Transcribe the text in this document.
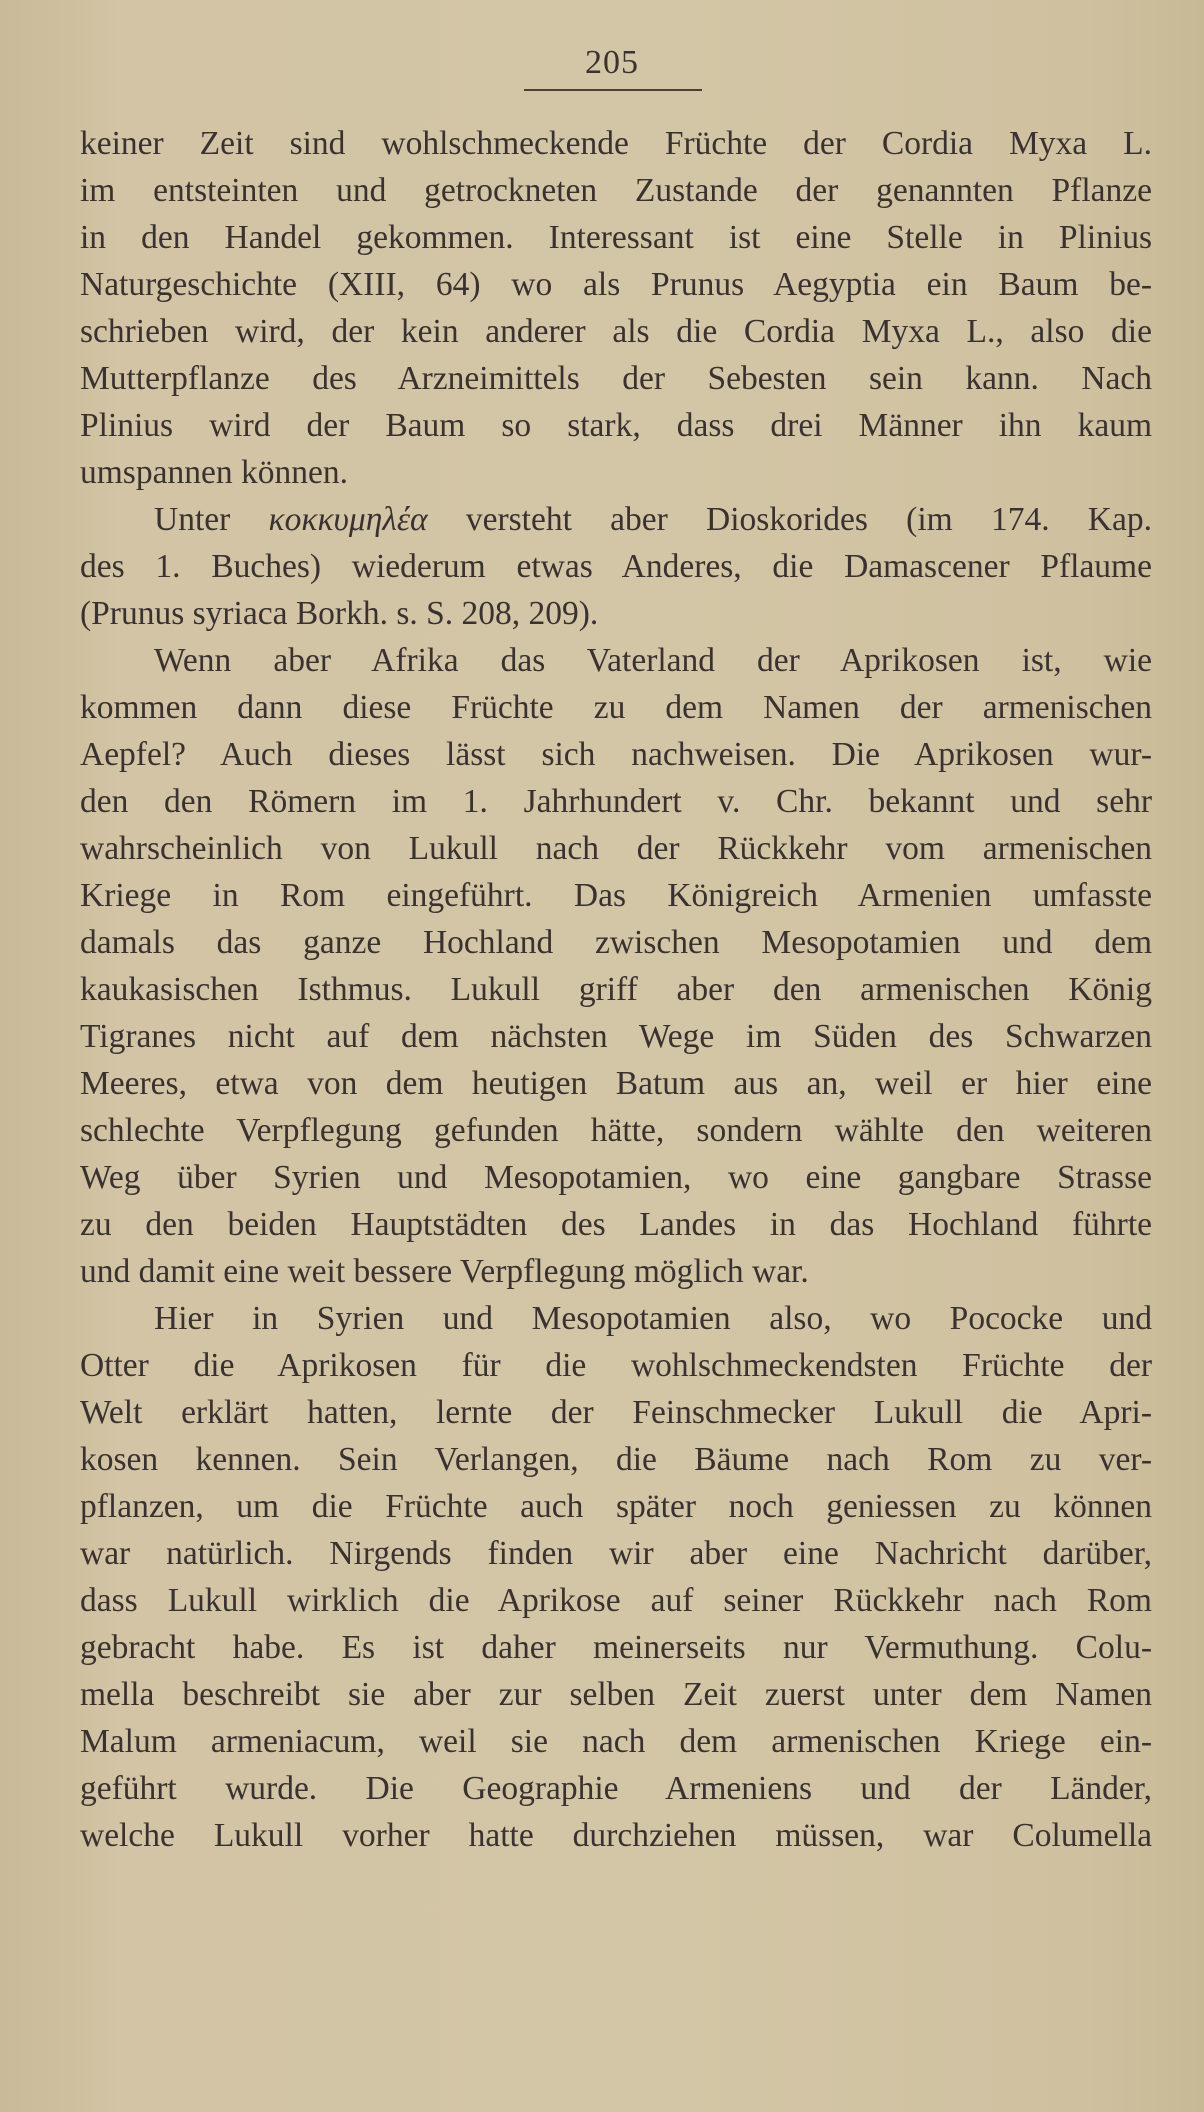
205
keiner Zeit sind wohlschmeckende Früchte der Cordia Myxa L.
im entsteinten und getrockneten Zustande der genannten Pflanze
in den Handel gekommen. Interessant ist eine Stelle in Plinius
Naturgeschichte (XIII, 64) wo als Prunus Aegyptia ein Baum be-
schrieben wird, der kein anderer als die Cordia Myxa L., also die
Mutterpflanze des Arzneimittels der Sebesten sein kann. Nach
Plinius wird der Baum so stark, dass drei Männer ihn kaum
umspannen können.
Unter κοκκυμηλέα versteht aber Dioskorides (im 174. Kap.
des 1. Buches) wiederum etwas Anderes, die Damascener Pflaume
(Prunus syriaca Borkh. s. S. 208, 209).
Wenn aber Afrika das Vaterland der Aprikosen ist, wie
kommen dann diese Früchte zu dem Namen der armenischen
Aepfel? Auch dieses lässt sich nachweisen. Die Aprikosen wur-
den den Römern im 1. Jahrhundert v. Chr. bekannt und sehr
wahrscheinlich von Lukull nach der Rückkehr vom armenischen
Kriege in Rom eingeführt. Das Königreich Armenien umfasste
damals das ganze Hochland zwischen Mesopotamien und dem
kaukasischen Isthmus. Lukull griff aber den armenischen König
Tigranes nicht auf dem nächsten Wege im Süden des Schwarzen
Meeres, etwa von dem heutigen Batum aus an, weil er hier eine
schlechte Verpflegung gefunden hätte, sondern wählte den weiteren
Weg über Syrien und Mesopotamien, wo eine gangbare Strasse
zu den beiden Hauptstädten des Landes in das Hochland führte
und damit eine weit bessere Verpflegung möglich war.
Hier in Syrien und Mesopotamien also, wo Pococke und
Otter die Aprikosen für die wohlschmeckendsten Früchte der
Welt erklärt hatten, lernte der Feinschmecker Lukull die Apri-
kosen kennen. Sein Verlangen, die Bäume nach Rom zu ver-
pflanzen, um die Früchte auch später noch geniessen zu können
war natürlich. Nirgends finden wir aber eine Nachricht darüber,
dass Lukull wirklich die Aprikose auf seiner Rückkehr nach Rom
gebracht habe. Es ist daher meinerseits nur Vermuthung. Colu-
mella beschreibt sie aber zur selben Zeit zuerst unter dem Namen
Malum armeniacum, weil sie nach dem armenischen Kriege ein-
geführt wurde. Die Geographie Armeniens und der Länder,
welche Lukull vorher hatte durchziehen müssen, war Columella
